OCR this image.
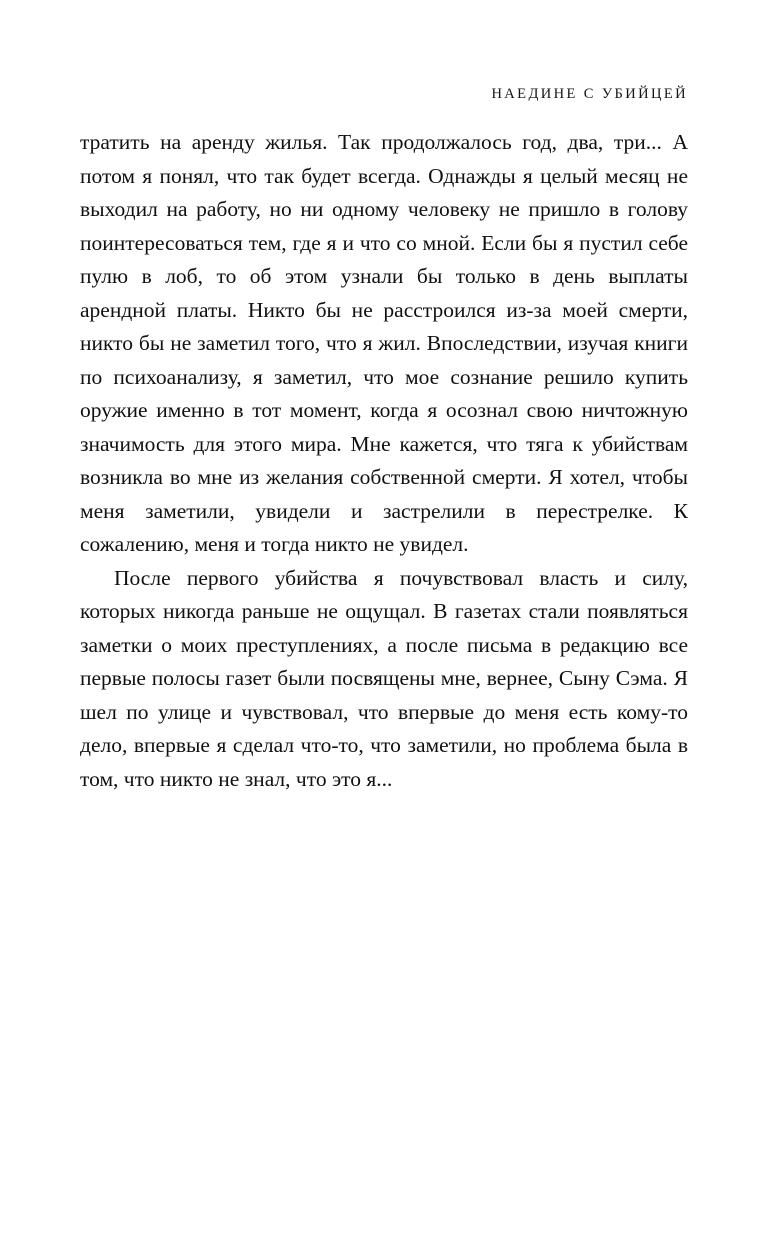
НАЕДИНЕ С УБИЙЦЕЙ

тратить на аренду жилья. Так продолжалось год, два, три... А потом я понял, что так будет всегда. Однажды я целый месяц не выходил на работу, но ни одному человеку не пришло в голову поинтересоваться тем, где я и что со мной. Если бы я пустил себе пулю в лоб, то об этом узнали бы только в день выплаты арендной платы. Никто бы не расстроился из-за моей смерти, никто бы не заметил того, что я жил. Впоследствии, изучая книги по психоанализу, я заметил, что мое сознание решило купить оружие именно в тот момент, когда я осознал свою ничтожную значимость для этого мира. Мне кажется, что тяга к убийствам возникла во мне из желания собственной смерти. Я хотел, чтобы меня заметили, увидели и застрелили в перестрелке. К сожалению, меня и тогда никто не увидел.

После первого убийства я почувствовал власть и силу, которых никогда раньше не ощущал. В газетах стали появляться заметки о моих преступлениях, а после письма в редакцию все первые полосы газет были посвящены мне, вернее, Сыну Сэма. Я шел по улице и чувствовал, что впервые до меня есть кому-то дело, впервые я сделал что-то, что заметили, но проблема была в том, что никто не знал, что это я...
